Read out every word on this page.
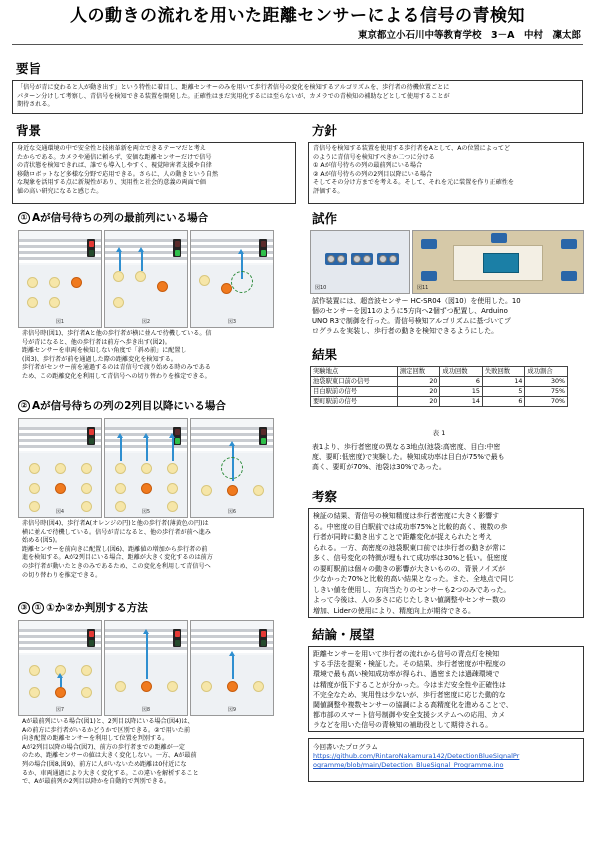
人の動きの流れを用いた距離センサーによる信号の青検知
東京都立小石川中等教育学校　3－A　中村　凜太郎
要旨
「信号が青に変わると人が動き出す」という特性に着目し、距離センサーのみを用いて歩行者信号の変化を検知するアルゴリズムを、歩行者の待機位置ごとに
パターン分けして考察し、青信号を検知できる装置を開発した。正確性はまだ実用化するには至らないが、カメラでの青検知の補助などとして使用することが
期待される。
背景
身近な交通環境の中で安全性と技術革新を両立できるテーマだと考え
たからである。カメラや通信に頼らず、安価な距離センサーだけで信号
の青状態を検知できれば、誰でも導入しやすく、視覚障害者支援や自律
移動ロボットなど多様な分野で応用できる。さらに、人の動きという自然
な現象を活用する点に新規性があり、実用性と社会的意義の両面で価
値の高い研究になると感じた。
① Aが信号待ちの列の最前列にいる場合
図1	図2	図3
赤信号時(図1)、歩行者Aと他の歩行者が横に並んで待機している。信
号が青になると、他の歩行者は前方へ歩き出す(図2)。
距離センサーを車両を検知しない角度で「斜め前」に配置し
(図3)、歩行者が前を通過した際の距離変化を検知する。
歩行者がセンサー前を通過するのは青信号で渡り始める時のみである
ため、この距離変化を利用して青信号への切り替わりを推定できる。
② Aが信号待ちの列の2列目以降にいる場合
図4	図5	図6
赤信号時(図4)、歩行者A(オレンジの円)と他の歩行者(薄黄色の円)は
横に並んで待機している。信号が青になると、他の歩行者が前へ進み
始める(図5)。
距離センサーを前向きに配置し(図6)、距離値の増加から歩行者の前
進を検知する。Aが2列目にいる場合、距離が大きく変化するのは前方
の歩行者が動いたときのみであるため、この変化を利用して青信号へ
の切り替わりを推定できる。
③ ① ①か②か判別する方法
図7	図8	図9
Aが最前列にいる場合(図1)と、2列目以降にいる場合(図4)は、
Aの前方に歩行者がいるかどうかで区別できる。②で用いた前
向き配置の距離センサーを利用して位置を判別する。
Aが2列目以降の場合(図7)、前方の歩行者までの距離が一定
のため、距離センサーの値は大きく変化しない。一方、Aが最前
列の場合(図8,図9)、前方に人がいないため距離は0付近にな
るか、車両通過により大きく変化する。この違いを解析すること
で、Aが最前列か2列目以降かを自動的で判別できる。
方針
青信号を検知する装置を使用する歩行者をAとして、Aの位置によってど
のように青信号を検知すべきか二つに分ける
① Aが信号待ちの列の最前列にいる場合
② Aが信号待ちの列の2列目以降にいる場合
そしてその分け方までを考える。そして、それを元に装置を作り正確性を
評価する。
試作
図10	図11
試作装置には、超音波センサー HC-SR04（図10）を使用した。10
個のセンサーを図11のように5方向へ2個ずつ配置し、Arduino
UNO R3で制御を行った。青信号検知アルゴリズムに基づいてプ
ログラムを実装し、歩行者の動きを検知できるようにした。
結果
実験地点	測定回数	成功回数	失敗回数	成功割合
池袋駅東口前の信号	20	6	14	30%
目白駅前の信号	20	15	5	75%
要町駅前の信号	20	14	6	70%
表 1
表1より、歩行者密度の異なる3地点(池袋:高密度、目白:中密
度、要町:低密度)で実験した。検知成功率は目白が75%で最も
高く、要町が70%、池袋は30%であった。
考察
検証の結果、青信号の検知精度は歩行者密度に大きく影響す
る。中密度の目白駅前では成功率75%と比較的高く、複数の歩
行者が同時に動き出すことで距離変化が捉えられたと考え
られる。一方、高密度の池袋駅東口前では歩行者の動きが常に
多く、信号変化の特徴が埋もれて成功率は30%と低い。低密度
の要町駅前は個々の動きの影響が大きいものの、背景ノイズが
少なかった70%と比較的高い結果となった。また、全地点で同じ
しきい値を使用し、方向当たりのセンサーも2つのみであった。
よって今後は、人の多さに応じたしきい値調整やセンサー数の
増加、Liderの使用により、精度向上が期待できる。
結論・展望
距離センサーを用いて歩行者の流れから信号の青点灯を検知
する手法を提案・検証した。その結果、歩行者密度が中程度の
環境で最も高い検知成功率が得られ、過密または過疎環境で
は精度が低下することが分かった。今はまだ安全性や正確性は
不完全なため、実用性は少ないが、歩行者密度に応じた動的な
閾値調整や複数センサーの協調による高精度化を進めることで、
都市部のスマート信号制御や安全支援システムへの応用、カメ
ラなどを用いた信号の青検知の補助役として期待される。
今回書いたプログラム
https://github.com/RintaroNakamura142/DetectionBlueSignalPr
ogramme/blob/main/Detection_BlueSignal_Programme.ino
